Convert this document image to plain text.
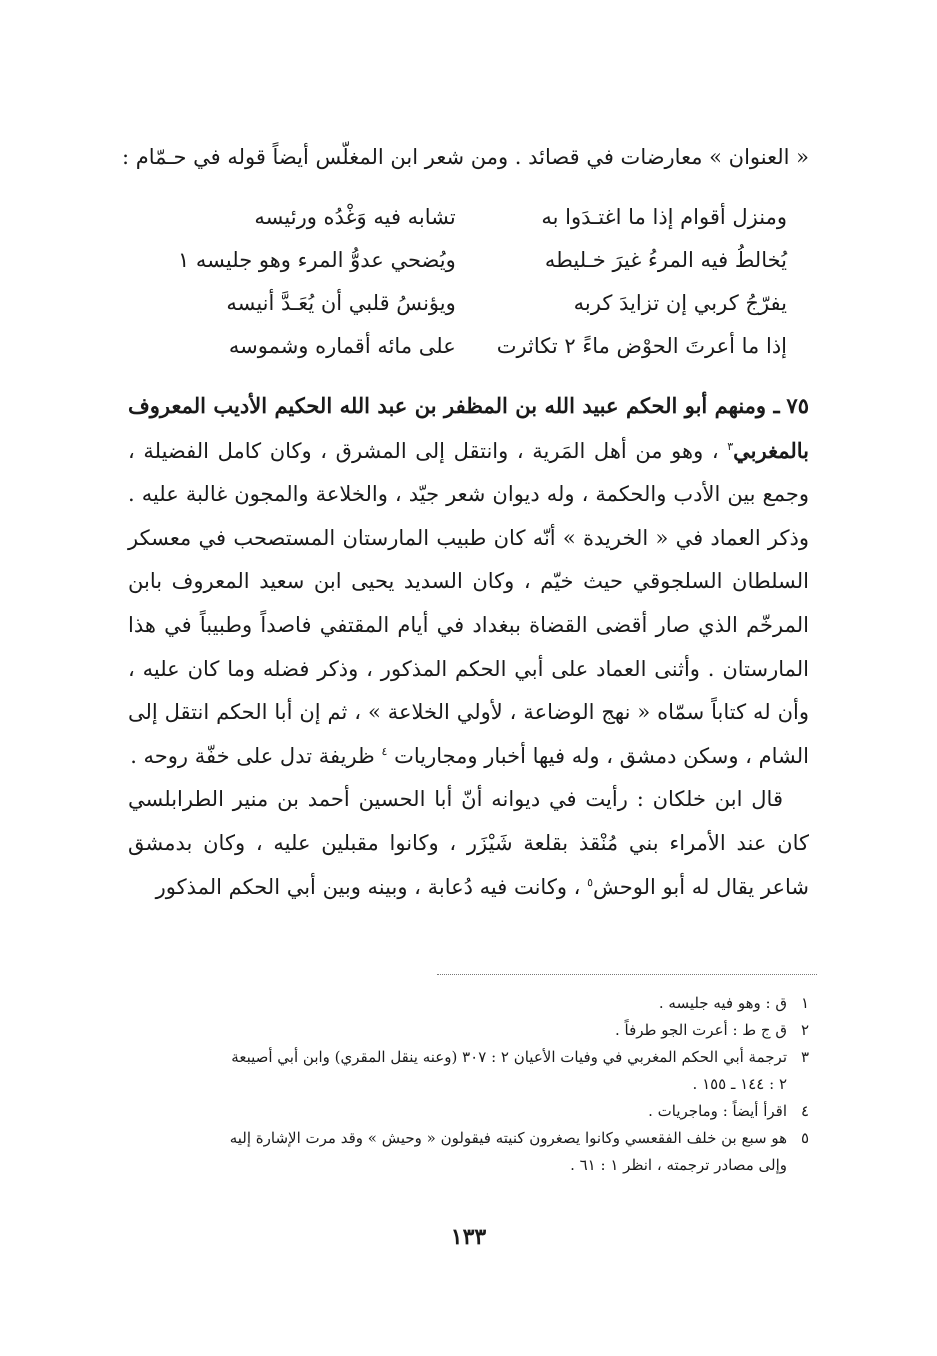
« العنوان » معارضات في قصائد . ومن شعر ابن المغلّس أيضاً قوله في حـمّام :
ومنزل أقوام إذا ما اغتـدَوا به
تشابه فيه وَغْدُه ورئيسه
يُخالطُ فيه المرءُ غيرَ خـليطه
ويُضحي عدوُّ المرء وهو جليسه ١
يفرّجُ كربي إن تزايدَ كربه
ويؤنسُ قلبي أن يُعَـدَّ أنيسه
إذا ما أعرتَ الحوْض ماءً ٢ تكاثرت
على مائه أقماره وشموسه

٧٥ ـ ومنهم أبو الحكم عبيد الله بن المظفر بن عبد الله الحكيم الأديب المعروف بالمغربي$^٣$ ، وهو من أهل المَرية ، وانتقل إلى المشرق ، وكان كامل الفضيلة ، وجمع بين الأدب والحكمة ، وله ديوان شعر جيّد ، والخلاعة والمجون غالبة عليه . وذكر العماد في « الخريدة » أنّه كان طبيب المارستان المستصحب في معسكر السلطان السلجوقي حيث خيّم ، وكان السديد يحيى ابن سعيد المعروف بابن المرخّم الذي صار أقضى القضاة ببغداد في أيام المقتفي فاصداً وطبيباً في هذا المارستان . وأثنى العماد على أبي الحكم المذكور ، وذكر فضله وما كان عليه ، وأن له كتاباً سمّاه « نهج الوضاعة ، لأولي الخلاعة » ، ثم إن أبا الحكم انتقل إلى الشام ، وسكن دمشق ، وله فيها أخبار ومجاريات $^٤$ ظريفة تدل على خفّة روحه .

قال ابن خلكان : رأيت في ديوانه أنّ أبا الحسين أحمد بن منير الطرابلسي كان عند الأمراء بني مُنْقذ بقلعة شَيْزَر ، وكانوا مقبلين عليه ، وكان بدمشق شاعر يقال له أبو الوحش$^٥$ ، وكانت فيه دُعابة ، وبينه وبين أبي الحكم المذكور

١
ق : وهو فيه جليسه .
٢
ق ج ط : أعرت الجو طرفاً .
٣
ترجمة أبي الحكم المغربي في وفيات الأعيان ٢ : ٣٠٧ (وعنه ينقل المقري) وابن أبي أصيبعة
٢ : ١٤٤ ـ ١٥٥ .
٤
اقرأ أيضاً : وماجريات .
٥
هو سبع بن خلف الفقعسي وكانوا يصغرون كنيته فيقولون « وحيش » وقد مرت الإشارة إليه
وإلى مصادر ترجمته ، انظر ١ : ٦١ .
١٣٣
